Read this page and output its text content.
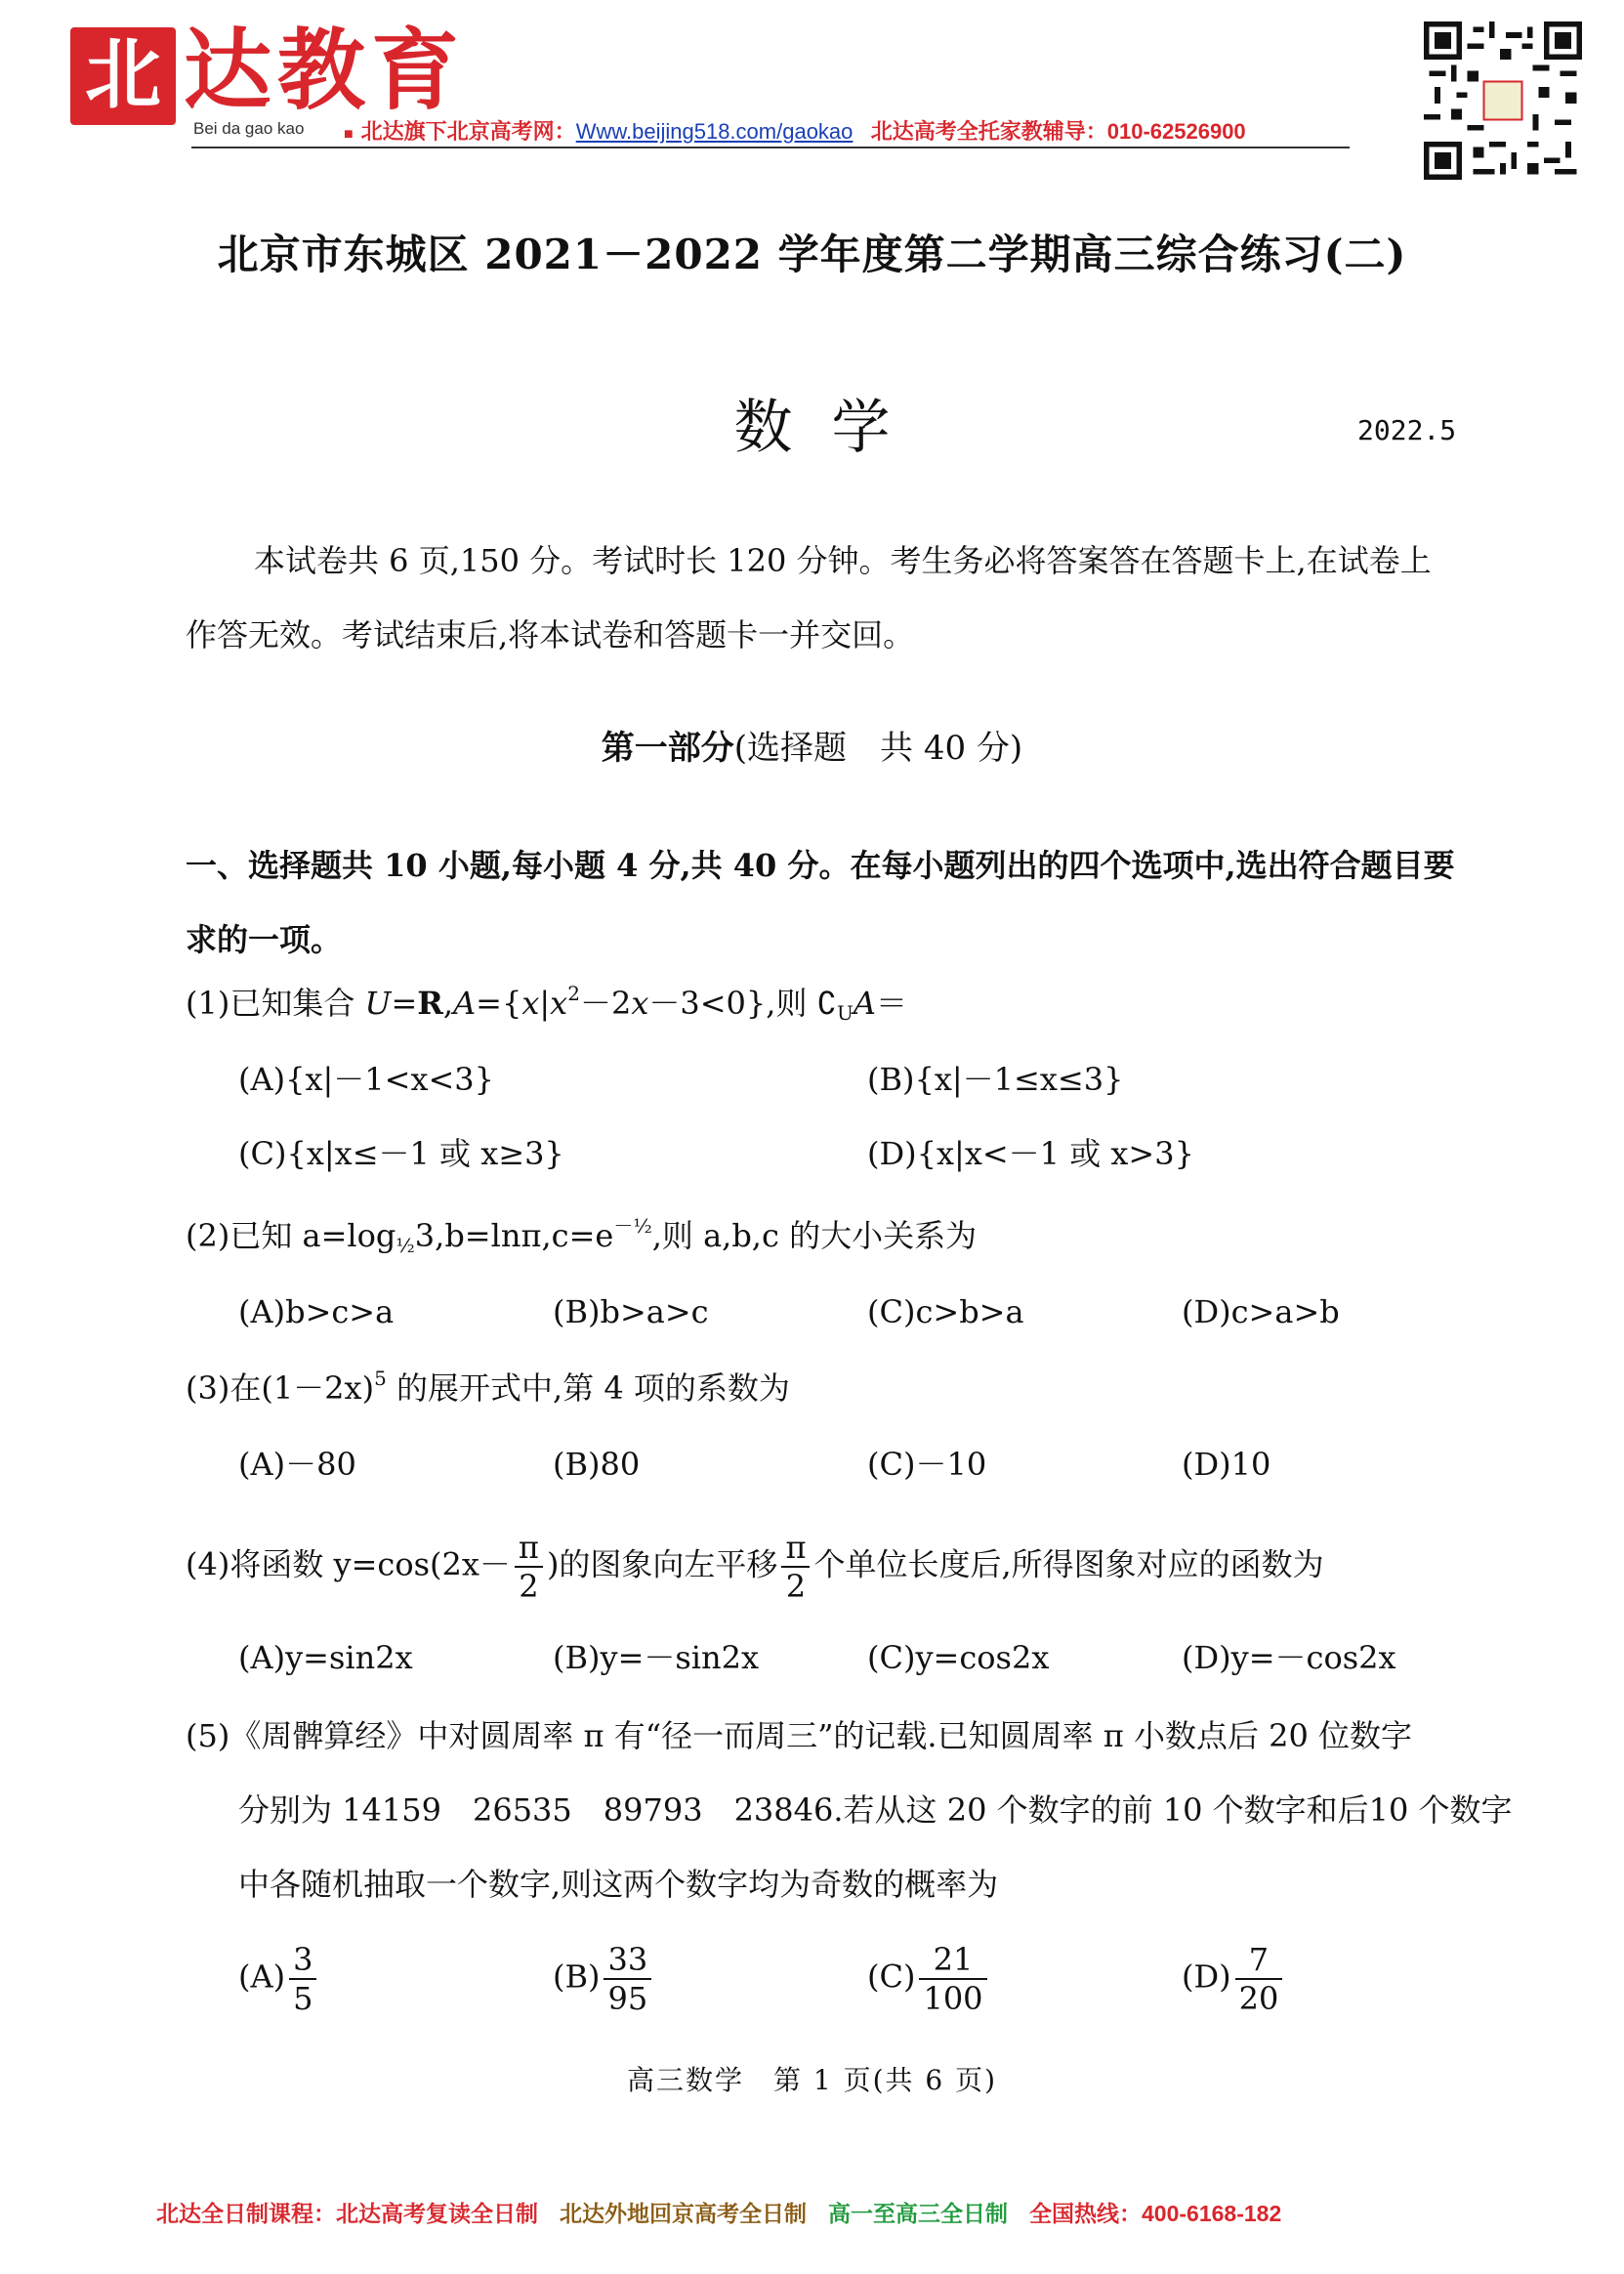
北 达教育
Bei da gao kao	■ 北达旗下北京高考网：Www.beijing518.com/gaokao 北达高考全托家教辅导：010-62526900
北京市东城区 2021－2022 学年度第二学期高三综合练习(二)
数学	2022.5
本试卷共 6 页,150 分。考试时长 120 分钟。考生务必将答案答在答题卡上,在试卷上作答无效。考试结束后,将本试卷和答题卡一并交回。
第一部分(选择题　共 40 分)
一、选择题共 10 小题,每小题 4 分,共 40 分。在每小题列出的四个选项中,选出符合题目要求的一项。
(1)已知集合 $U=R,A=\{x|x^2-2x-3<0\}$,则 $∁_UA=$
(A){x|－1<x<3}	(B){x|－1≤x≤3}
(C){x|x≤－1 或 x≥3}	(D){x|x<－1 或 x>3}
(2)已知 $a=\log_{\frac{1}{2}}3,b=\ln\pi,c=e^{-\frac{1}{2}}$,则 a,b,c 的大小关系为
(A)b>c>a	(B)b>a>c	(C)c>b>a	(D)c>a>b
(3)在$(1-2x)^5$ 的展开式中,第 4 项的系数为
(A)－80	(B)80	(C)－10	(D)10
(4)将函数 $y=\cos(2x- \frac{\pi}{2}$ )的图象向左平移 $\frac{\pi}{2}$ 个单位长度后,所得图象对应的函数为
(A)y=sin2x	(B)y=－sin2x	(C)y=cos2x	(D)y=－cos2x
(5)《周髀算经》中对圆周率 π 有“径一而周三”的记载.已知圆周率 π 小数点后 20 位数字
分别为 14159　26535　89793　23846.若从这 20 个数字的前 10 个数字和后10 个数字
中各随机抽取一个数字,则这两个数字均为奇数的概率为
$(A) \frac{3}{5}$	$(B) \frac{33}{95}$	$(C) \frac{21}{100}$	$(D) \frac{7}{20}$
高三数学　第 1 页(共 6 页)
北达全日制课程：北达高考复读全日制 北达外地回京高考全日制 高一至高三全日制 全国热线：400-6168-182
